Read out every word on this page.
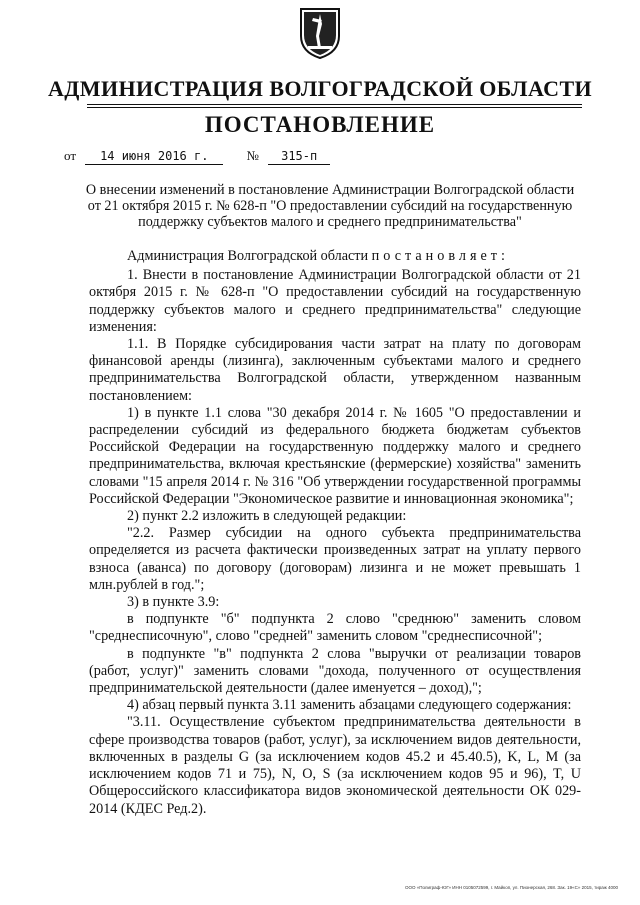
АДМИНИСТРАЦИЯ ВОЛГОГРАДСКОЙ ОБЛАСТИ
ПОСТАНОВЛЕНИЕ
от 14 июня 2016 г.	№ 315-п
О внесении изменений в постановление Администрации Волгоградской области
от 21 октября 2015 г. № 628-п "О предоставлении субсидий на государственную
поддержку субъектов малого и среднего предпринимательства"

Администрация Волгоградской области постановляет:

1. Внести в постановление Администрации Волгоградской области от 21 октября 2015 г. № 628-п "О предоставлении субсидий на государственную поддержку субъектов малого и среднего предпринимательства" следующие изменения:

1.1. В Порядке субсидирования части затрат на плату по договорам финансовой аренды (лизинга), заключенным субъектами малого и среднего предпринимательства Волгоградской области, утвержденном названным постановлением:

1) в пункте 1.1 слова "30 декабря 2014 г. № 1605 "О предоставлении и распределении субсидий из федерального бюджета бюджетам субъектов Российской Федерации на государственную поддержку малого и среднего предпринимательства, включая крестьянские (фермерские) хозяйства" заменить словами "15 апреля 2014 г. № 316 "Об утверждении государственной программы Российской Федерации "Экономическое развитие и инновационная экономика";

2) пункт 2.2 изложить в следующей редакции:

"2.2. Размер субсидии на одного субъекта предпринимательства определяется из расчета фактически произведенных затрат на уплату первого взноса (аванса) по договору (договорам) лизинга и не может превышать 1 млн.рублей в год.";

3) в пункте 3.9:

в подпункте "б" подпункта 2 слово "среднюю" заменить словом "среднесписочную", слово "средней" заменить словом "среднесписочной";

в подпункте "в" подпункта 2 слова "выручки от реализации товаров (работ, услуг)" заменить словами "дохода, полученного от осуществления предпринимательской деятельности (далее именуется – доход),";

4) абзац первый пункта 3.11 заменить абзацами следующего содержания:

"3.11. Осуществление субъектом предпринимательства деятельности в сфере производства товаров (работ, услуг), за исключением видов деятельности, включенных в разделы G (за исключением кодов 45.2 и 45.40.5), K, L, M (за исключением кодов 71 и 75), N, O, S (за исключением кодов 95 и 96), T, U Общероссийского классификатора видов экономической деятельности ОК 029-2014 (КДЕС Ред.2).

ООО «Полиграф-ЮГ» ИНН 0105072599, г. Майкоп, ул. Пионерская, 268. Зак. 19«С» 2015, тираж 4000
